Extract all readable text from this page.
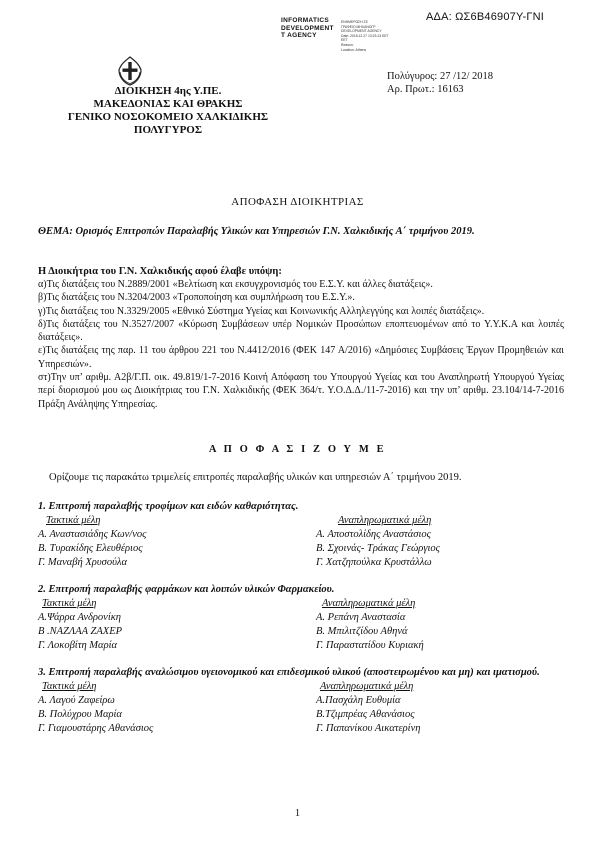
ΑΔΑ: ΩΣ6Β46907Υ-ΓΝΙ
INFORMATICS
DEVELOPMENT
T AGENCY
ΕΝΗΜΕΡΩΣΗ ΣΕ
ΓΡΑΦΕΙΟ ΜΗΧΑΝΟΓΡ
DEVELOPMENT AGENCY
Date: 2018.12.27 13:23:13 EET
EET
Reason:
Location: Athens
ΔΙΟΙΚΗΣΗ 4ης Υ.ΠΕ.
ΜΑΚΕΔΟΝΙΑΣ ΚΑΙ ΘΡΑΚΗΣ
ΓΕΝΙΚΟ ΝΟΣΟΚΟΜΕΙΟ ΧΑΛΚΙΔΙΚΗΣ
ΠΟΛΥΓΥΡΟΣ
Πολύγυρος: 27 /12/ 2018
Αρ. Πρωτ.: 16163
ΑΠΟΦΑΣΗ ΔΙΟΙΚΗΤΡΙΑΣ
ΘΕΜΑ: Ορισμός Επιτροπών Παραλαβής Υλικών και Υπηρεσιών Γ.Ν. Χαλκιδικής Α΄ τριμήνου 2019.
Η Διοικήτρια του Γ.Ν. Χαλκιδικής αφού έλαβε υπόψη:

α)Τις διατάξεις του Ν.2889/2001 «Βελτίωση και εκσυγχρονισμός του Ε.Σ.Υ. και άλλες διατάξεις».

β)Τις διατάξεις του Ν.3204/2003 «Τροποποίηση και συμπλήρωση του Ε.Σ.Υ.».

γ)Τις διατάξεις του Ν.3329/2005 «Εθνικό Σύστημα Υγείας και Κοινωνικής Αλληλεγγύης και λοιπές διατάξεις».

δ)Τις διατάξεις του Ν.3527/2007 «Κύρωση Συμβάσεων υπέρ Νομικών Προσώπων εποπτευομένων από το Υ.Υ.Κ.Α και λοιπές διατάξεις».

ε)Τις διατάξεις της παρ. 11 του άρθρου 221 του Ν.4412/2016 (ΦΕΚ 147 Α/2016) «Δημόσιες Συμβάσεις Έργων Προμηθειών και Υπηρεσιών».

στ)Την υπ’ αριθμ. Α2β/Γ.Π. οικ. 49.819/1-7-2016 Κοινή Απόφαση του Υπουργού Υγείας και του Αναπληρωτή Υπουργού Υγείας περί διορισμού μου ως Διοικήτριας του Γ.Ν. Χαλκιδικής (ΦΕΚ 364/τ. Υ.Ο.Δ.Δ./11-7-2016) και την υπ’ αριθμ. 23.104/14-7-2016 Πράξη Ανάληψης Υπηρεσίας.

Α Π Ο Φ Α Σ Ι Ζ Ο Υ Μ Ε
Ορίζουμε τις παρακάτω τριμελείς επιτροπές παραλαβής υλικών και υπηρεσιών Α΄ τριμήνου 2019.
1. Επιτροπή παραλαβής τροφίμων και ειδών καθαριότητας.
Τακτικά μέλη	Αναπληρωματικά μέλη
Α. Αναστασιάδης Κων/νος	Α. Αποστολίδης Αναστάσιος
Β. Τυρακίδης Ελευθέριος	Β. Σχοινάς- Τράκας Γεώργιος
Γ. Μαναβή Χρυσούλα	Γ. Χατζηπούλκα Κρυστάλλω
2. Επιτροπή παραλαβής φαρμάκων και λοιπών υλικών Φαρμακείου.
Τακτικά μέλη	Αναπληρωματικά μέλη
Α.Ψάρρα Ανδρονίκη	Α. Ρεπάνη Αναστασία
Β .ΝΑΖΛΑΑ ΖΑΧΕΡ	Β. Μπιλιτζίδου Αθηνά
Γ. Λοκοβίτη Μαρία	Γ. Παραστατίδου Κυριακή
3. Επιτροπή παραλαβής αναλώσιμου υγειονομικού και επιδεσμικού υλικού (αποστειρωμένου και μη) και ιματισμού.
Τακτικά μέλη	Αναπληρωματικά μέλη
Α. Λαγού Ζαφείρω	Α.Πασχάλη Ευθυμία
Β. Πολύχρου Μαρία	Β.Τζιμπρέας Αθανάσιος
Γ. Γιαμουστάρης Αθανάσιος	Γ. Παπανίκου Αικατερίνη
1
